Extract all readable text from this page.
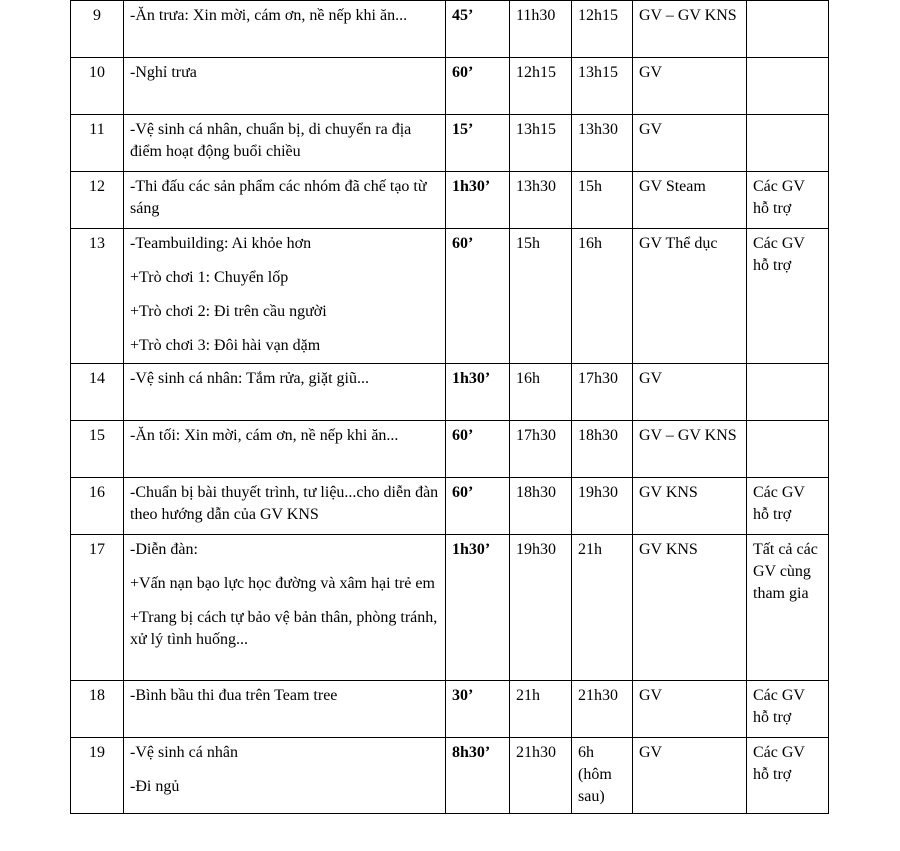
9	-Ăn trưa: Xin mời, cám ơn, nề nếp khi ăn...	45’	11h30	12h15	GV – GV KNS	
10	-Nghỉ trưa	60’	12h15	13h15	GV	
11	-Vệ sinh cá nhân, chuẩn bị, di chuyển ra địa điểm hoạt động buổi chiều	15’	13h15	13h30	GV	
12	-Thi đấu các sản phẩm các nhóm đã chế tạo từ sáng	1h30’	13h30	15h	GV Steam	Các GV hỗ trợ
13	-Teambuilding: Ai khỏe hơn
+Trò chơi 1: Chuyển lốp
+Trò chơi 2: Đi trên cầu người
+Trò chơi 3: Đôi hài vạn dặm	60’	15h	16h	GV Thể dục	Các GV hỗ trợ
14	-Vệ sinh cá nhân: Tắm rửa, giặt giũ...	1h30’	16h	17h30	GV	
15	-Ăn tối: Xin mời, cám ơn, nề nếp khi ăn...	60’	17h30	18h30	GV – GV KNS	
16	-Chuẩn bị bài thuyết trình, tư liệu...cho diễn đàn theo hướng dẫn của GV KNS	60’	18h30	19h30	GV KNS	Các GV hỗ trợ
17	-Diễn đàn:
+Vấn nạn bạo lực học đường và xâm hại trẻ em
+Trang bị cách tự bảo vệ bản thân, phòng tránh, xử lý tình huống...	1h30’	19h30	21h	GV KNS	Tất cả các GV cùng tham gia
18	-Bình bầu thi đua trên Team tree	30’	21h	21h30	GV	Các GV hỗ trợ
19	-Vệ sinh cá nhân
-Đi ngủ	8h30’	21h30	6h (hôm sau)	GV	Các GV hỗ trợ
